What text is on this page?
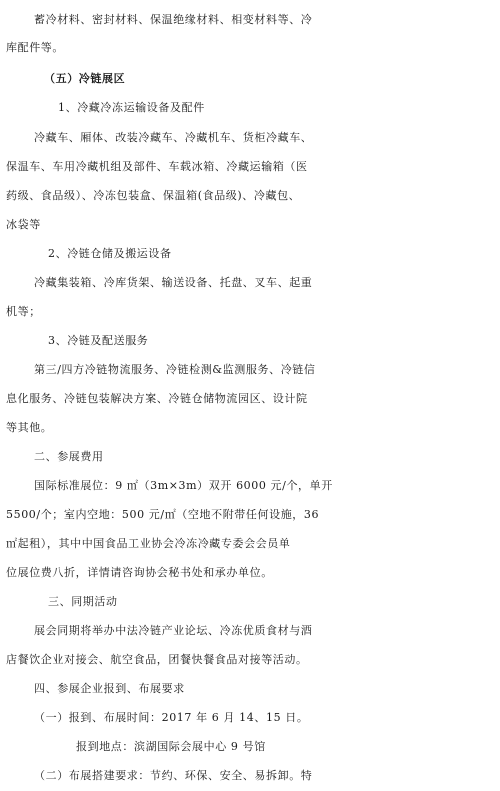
蓄冷材料、密封材料、保温绝缘材料、相变材料等、冷
库配件等。
（五）冷链展区
1、冷藏冷冻运输设备及配件
冷藏车、厢体、改装冷藏车、冷藏机车、货柜冷藏车、
保温车、车用冷藏机组及部件、车载冰箱、冷藏运输箱（医
药级、食品级）、冷冻包装盒、保温箱(食品级)、冷藏包、
冰袋等
2、冷链仓储及搬运设备
冷藏集装箱、冷库货架、输送设备、托盘、叉车、起重
机等；
3、冷链及配送服务
第三/四方冷链物流服务、冷链检测&监测服务、冷链信
息化服务、冷链包装解决方案、冷链仓储物流园区、设计院
等其他。
二、参展费用
国际标准展位：9 ㎡（3m×3m）双开 6000 元/个，单开
5500/个；室内空地：500 元/㎡（空地不附带任何设施，36
㎡起租），其中中国食品工业协会冷冻冷藏专委会会员单
位展位费八折，详情请咨询协会秘书处和承办单位。
三、同期活动
展会同期将举办中法冷链产业论坛、冷冻优质食材与酒
店餐饮企业对接会、航空食品，团餐快餐食品对接等活动。
四、参展企业报到、布展要求
（一）报到、布展时间：2017 年 6 月 14、15 日。
报到地点：滨湖国际会展中心 9 号馆
（二）布展搭建要求：节约、环保、安全、易拆卸。特
